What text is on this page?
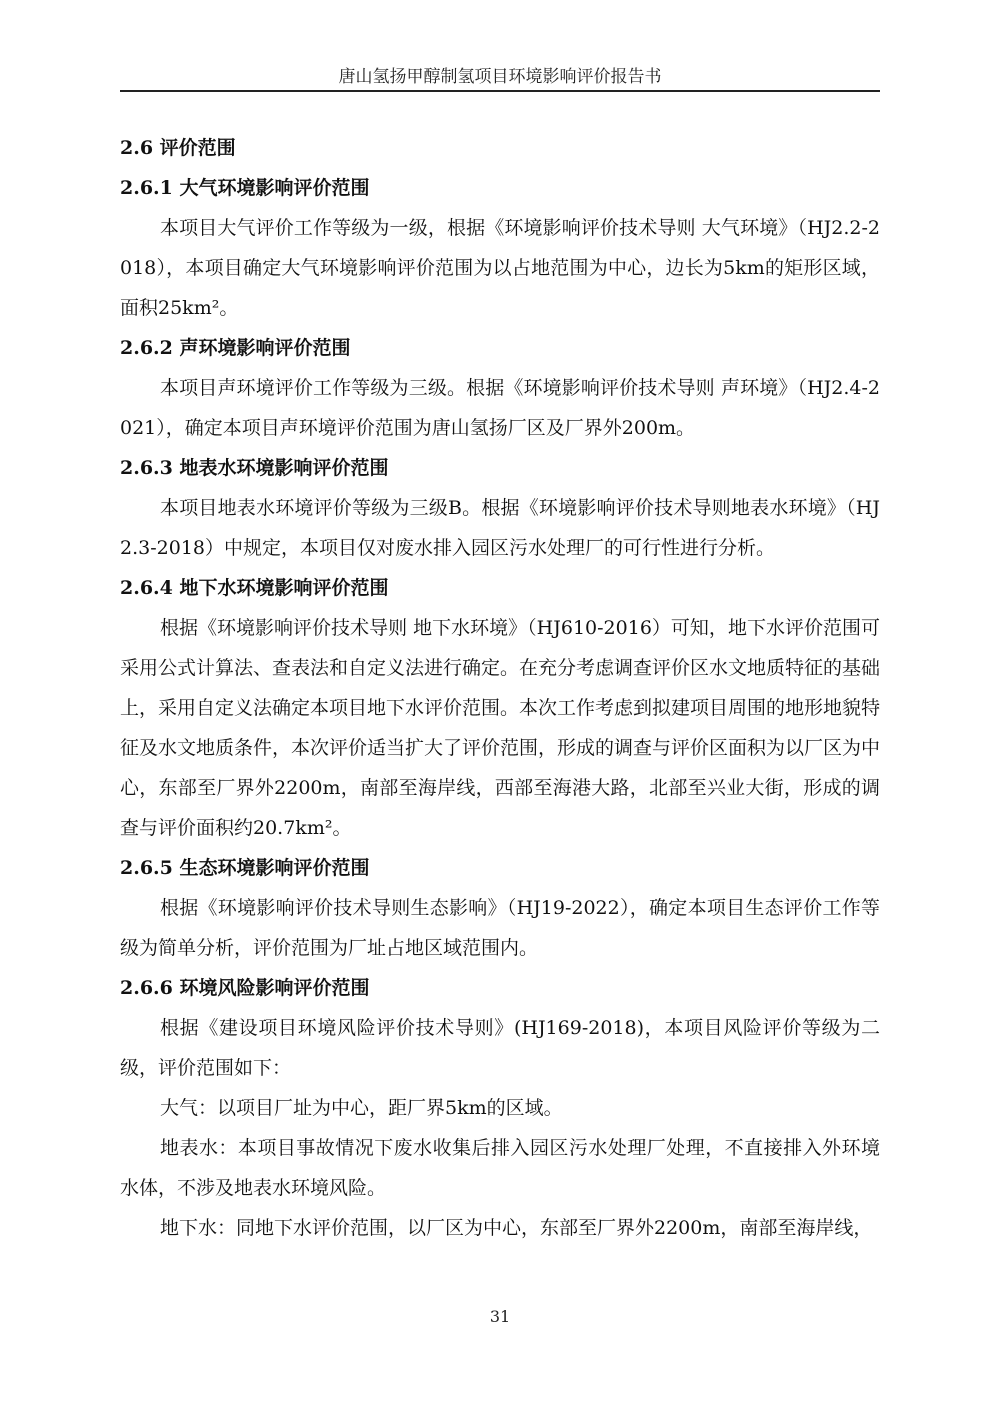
唐山氢扬甲醇制氢项目环境影响评价报告书

2.6 评价范围

2.6.1 大气环境影响评价范围

本项目大气评价工作等级为一级，根据《环境影响评价技术导则 大气环境》（HJ2.2-2018），本项目确定大气环境影响评价范围为以占地范围为中心，边长为5km的矩形区域，面积25km²。

2.6.2 声环境影响评价范围

本项目声环境评价工作等级为三级。根据《环境影响评价技术导则 声环境》（HJ2.4-2021），确定本项目声环境评价范围为唐山氢扬厂区及厂界外200m。

2.6.3 地表水环境影响评价范围

本项目地表水环境评价等级为三级B。根据《环境影响评价技术导则地表水环境》（HJ2.3-2018）中规定，本项目仅对废水排入园区污水处理厂的可行性进行分析。

2.6.4 地下水环境影响评价范围

根据《环境影响评价技术导则 地下水环境》（HJ610-2016）可知，地下水评价范围可采用公式计算法、查表法和自定义法进行确定。在充分考虑调查评价区水文地质特征的基础上，采用自定义法确定本项目地下水评价范围。本次工作考虑到拟建项目周围的地形地貌特征及水文地质条件，本次评价适当扩大了评价范围，形成的调查与评价区面积为以厂区为中心，东部至厂界外2200m，南部至海岸线，西部至海港大路，北部至兴业大街，形成的调查与评价面积约20.7km²。

2.6.5 生态环境影响评价范围

根据《环境影响评价技术导则生态影响》（HJ19-2022），确定本项目生态评价工作等级为简单分析，评价范围为厂址占地区域范围内。

2.6.6 环境风险影响评价范围

根据《建设项目环境风险评价技术导则》(HJ169-2018)，本项目风险评价等级为二级，评价范围如下：

大气：以项目厂址为中心，距厂界5km的区域。

地表水：本项目事故情况下废水收集后排入园区污水处理厂处理，不直接排入外环境水体，不涉及地表水环境风险。

地下水：同地下水评价范围，以厂区为中心，东部至厂界外2200m，南部至海岸线，

31
